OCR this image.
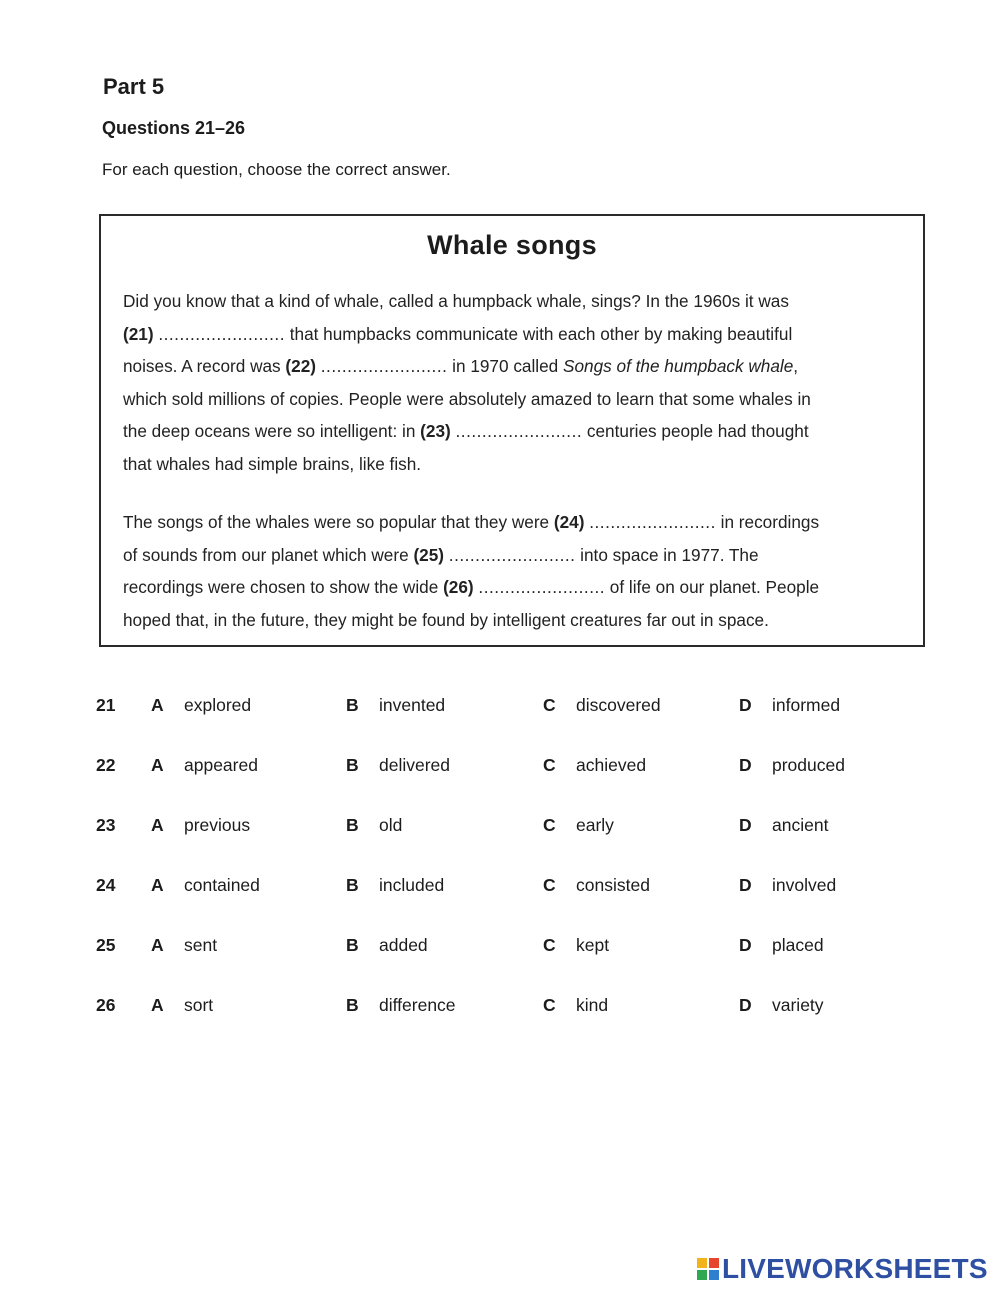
Part 5
Questions 21–26
For each question, choose the correct answer.
Whale songs
Did you know that a kind of whale, called a humpback whale, sings? In the 1960s it was
(21) ........................ that humpbacks communicate with each other by making beautiful
noises. A record was (22) ........................ in 1970 called Songs of the humpback whale,
which sold millions of copies. People were absolutely amazed to learn that some whales in
the deep oceans were so intelligent: in (23) ........................ centuries people had thought
that whales had simple brains, like fish.
The songs of the whales were so popular that they were (24) ........................ in recordings
of sounds from our planet which were (25) ........................ into space in 1977. The
recordings were chosen to show the wide (26) ........................ of life on our planet. People
hoped that, in the future, they might be found by intelligent creatures far out in space.
21 A explored	B invented	C discovered	D informed
22 A appeared	B delivered	C achieved	D produced
23 A previous	B old	C early	D ancient
24 A contained	B included	C consisted	D involved
25 A sent	B added	C kept	D placed
26 A sort	B difference	C kind	D variety
LIVEWORKSHEETS
